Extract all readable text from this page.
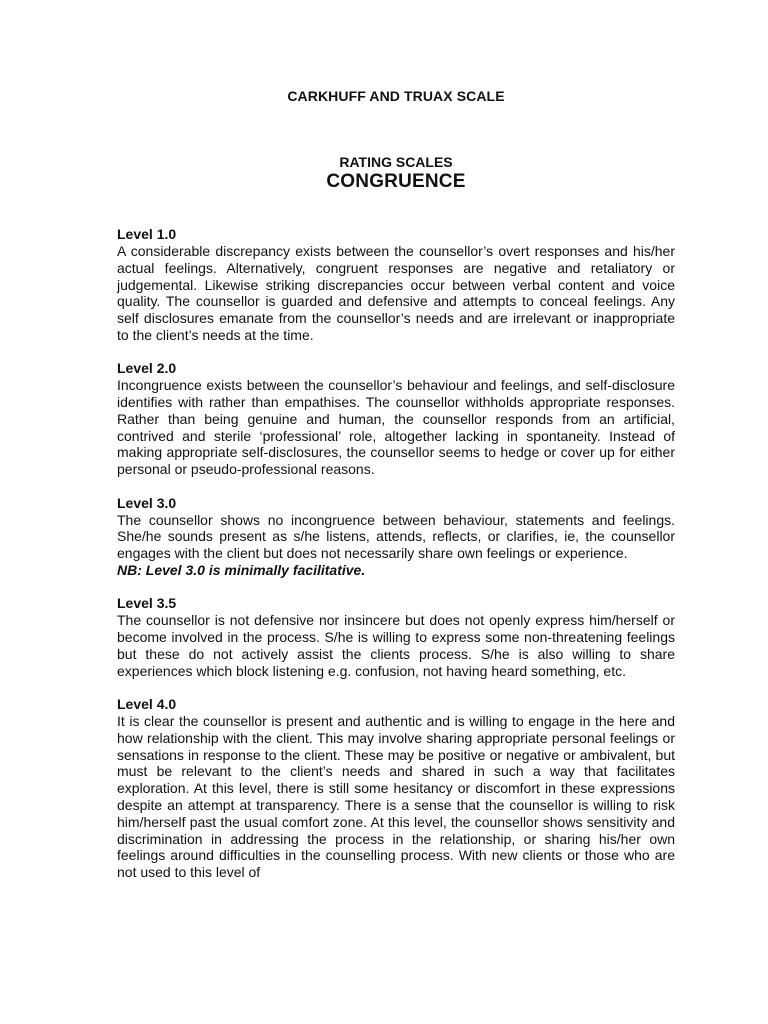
CARKHUFF AND TRUAX SCALE
RATING SCALES
CONGRUENCE
Level 1.0

A considerable discrepancy exists between the counsellor’s overt responses and his/her actual feelings. Alternatively, congruent responses are negative and retaliatory or judgemental. Likewise striking discrepancies occur between verbal content and voice quality. The counsellor is guarded and defensive and attempts to conceal feelings. Any self disclosures emanate from the counsellor’s needs and are irrelevant or inappropriate to the client’s needs at the time.

Level 2.0

Incongruence exists between the counsellor’s behaviour and feelings, and self-disclosure identifies with rather than empathises. The counsellor withholds appropriate responses. Rather than being genuine and human, the counsellor responds from an artificial, contrived and sterile ‘professional’ role, altogether lacking in spontaneity. Instead of making appropriate self-disclosures, the counsellor seems to hedge or cover up for either personal or pseudo-professional reasons.

Level 3.0

The counsellor shows no incongruence between behaviour, statements and feelings. She/he sounds present as s/he listens, attends, reflects, or clarifies, ie, the counsellor engages with the client but does not necessarily share own feelings or experience.

NB: Level 3.0 is minimally facilitative.
Level 3.5

The counsellor is not defensive nor insincere but does not openly express him/herself or become involved in the process. S/he is willing to express some non-threatening feelings but these do not actively assist the clients process. S/he is also willing to share experiences which block listening e.g. confusion, not having heard something, etc.

Level 4.0

It is clear the counsellor is present and authentic and is willing to engage in the here and how relationship with the client. This may involve sharing appropriate personal feelings or sensations in response to the client. These may be positive or negative or ambivalent, but must be relevant to the client’s needs and shared in such a way that facilitates exploration. At this level, there is still some hesitancy or discomfort in these expressions despite an attempt at transparency. There is a sense that the counsellor is willing to risk him/herself past the usual comfort zone. At this level, the counsellor shows sensitivity and discrimination in addressing the process in the relationship, or sharing his/her own feelings around difficulties in the counselling process. With new clients or those who are not used to this level of
